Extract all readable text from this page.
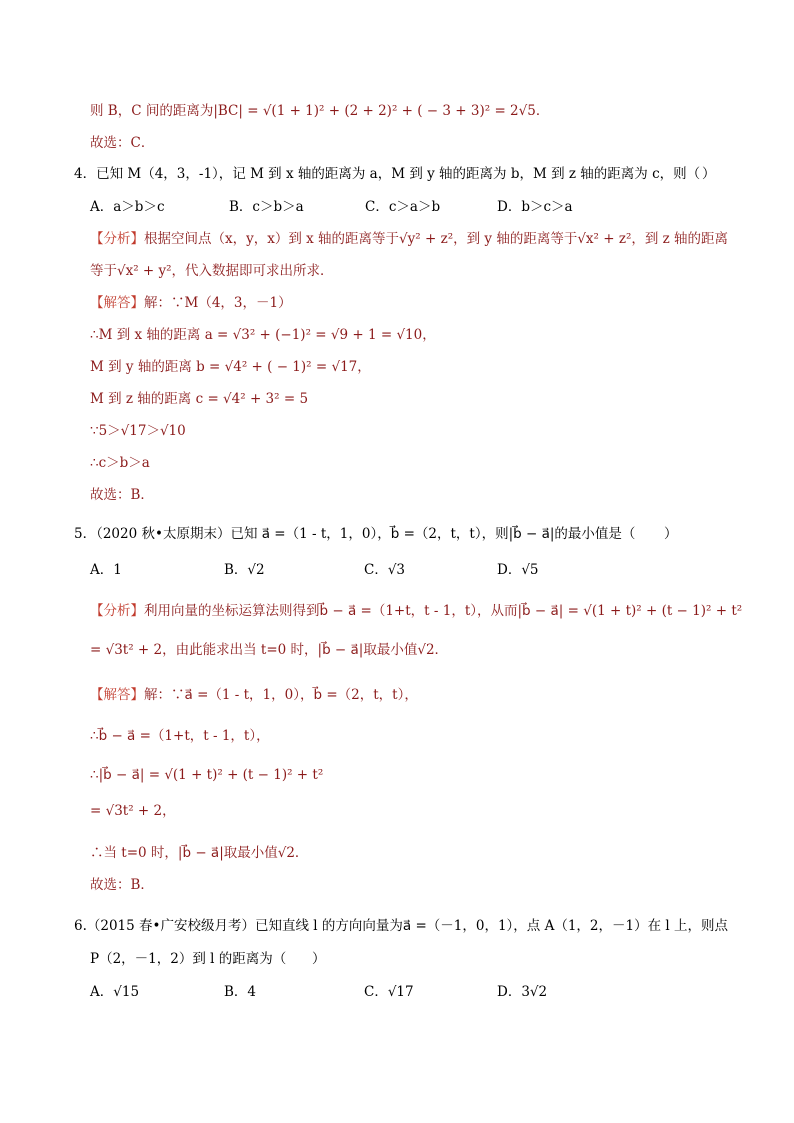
则 B，C 间的距离为|BC| = √(1 + 1)² + (2 + 2)² + ( − 3 + 3)² = 2√5．
故选：C．
4．已知 M（4，3，-1），记 M 到 x 轴的距离为 a，M 到 y 轴的距离为 b，M 到 z 轴的距离为 c，则（ ）
A．a＞b＞c	B．c＞b＞a	C．c＞a＞b	D．b＞c＞a
【分析】根据空间点（x，y，x）到 x 轴的距离等于√y² + z²，到 y 轴的距离等于√x² + z²，到 z 轴的距离
等于√x² + y²，代入数据即可求出所求．
【解答】解：∵M（4，3，－1）
∴M 到 x 轴的距离 a = √3² + (−1)² = √9 + 1 = √10，
M 到 y 轴的距离 b = √4² + ( − 1)² = √17，
M 到 z 轴的距离 c = √4² + 3² = 5
∵5＞√17＞√10
∴c＞b＞a
故选：B．
5．（2020 秋•太原期末）已知 a⃗ =（1 - t，1，0），b⃗ =（2，t，t），则|b⃗ − a⃗|的最小值是（ ）
A．1	B．√2	C．√3	D．√5
【分析】利用向量的坐标运算法则得到b⃗ − a⃗ =（1+t，t - 1，t），从而|b⃗ − a⃗| = √(1 + t)² + (t − 1)² + t²
= √3t² + 2，由此能求出当 t=0 时，|b⃗ − a⃗|取最小值√2．
【解答】解：∵a⃗ =（1 - t，1，0），b⃗ =（2，t，t），
∴b⃗ − a⃗ =（1+t，t - 1，t），
∴|b⃗ − a⃗| = √(1 + t)² + (t − 1)² + t²
= √3t² + 2，
∴当 t=0 时，|b⃗ − a⃗|取最小值√2．
故选：B．
6.（2015 春•广安校级月考）已知直线 l 的方向向量为a⃗ =（－1，0，1），点 A（1，2，－1）在 l 上，则点
P（2，－1，2）到 l 的距离为（ ）
A．√15	B．4	C．√17	D．3√2
